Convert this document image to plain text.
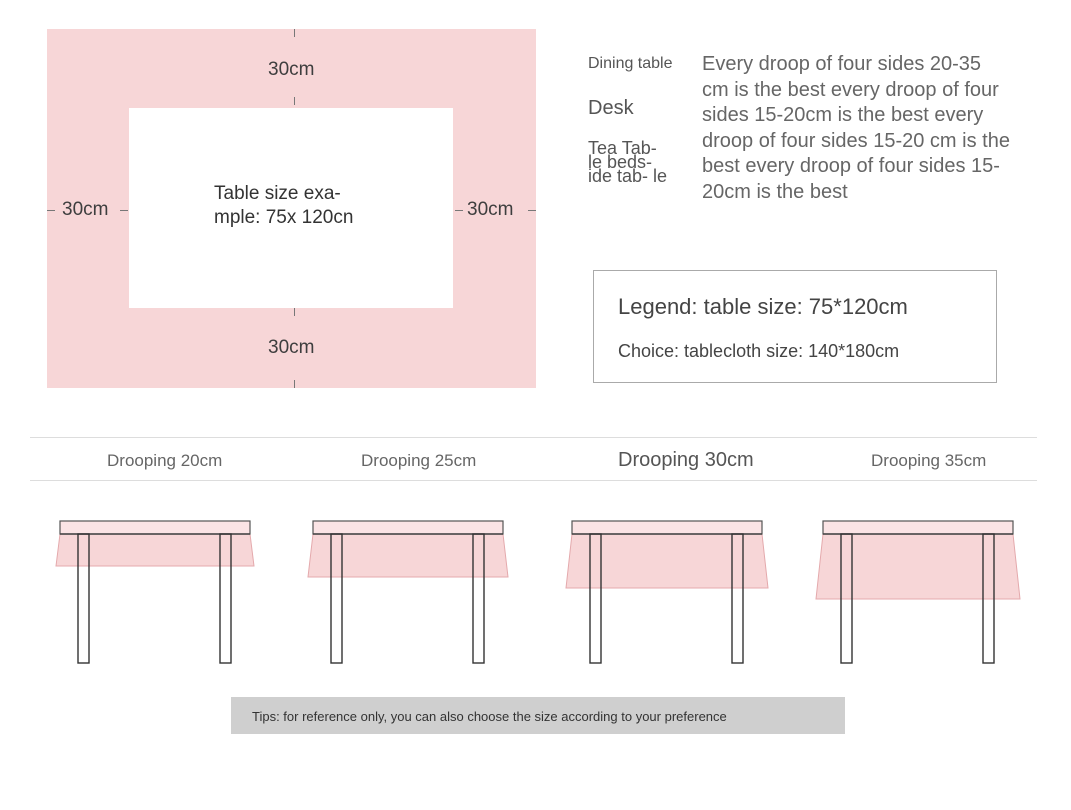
30cm
30cm
30cm	30cm
Table size exa- mple: 75x 120cn
Dining table
Desk
Tea Tab- le beds- ide tab- le
Every droop of four sides 20-35 cm is the best every droop of four sides 15-20cm is the best every droop of four sides 15-20 cm is the best every droop of four sides 15-20cm is the best
Legend: table size: 75*120cm
Choice: tablecloth size: 140*180cm
Drooping 20cm	Drooping 25cm	Drooping 30cm	Drooping 35cm
Tips: for reference only, you can also choose the size according to your preference
